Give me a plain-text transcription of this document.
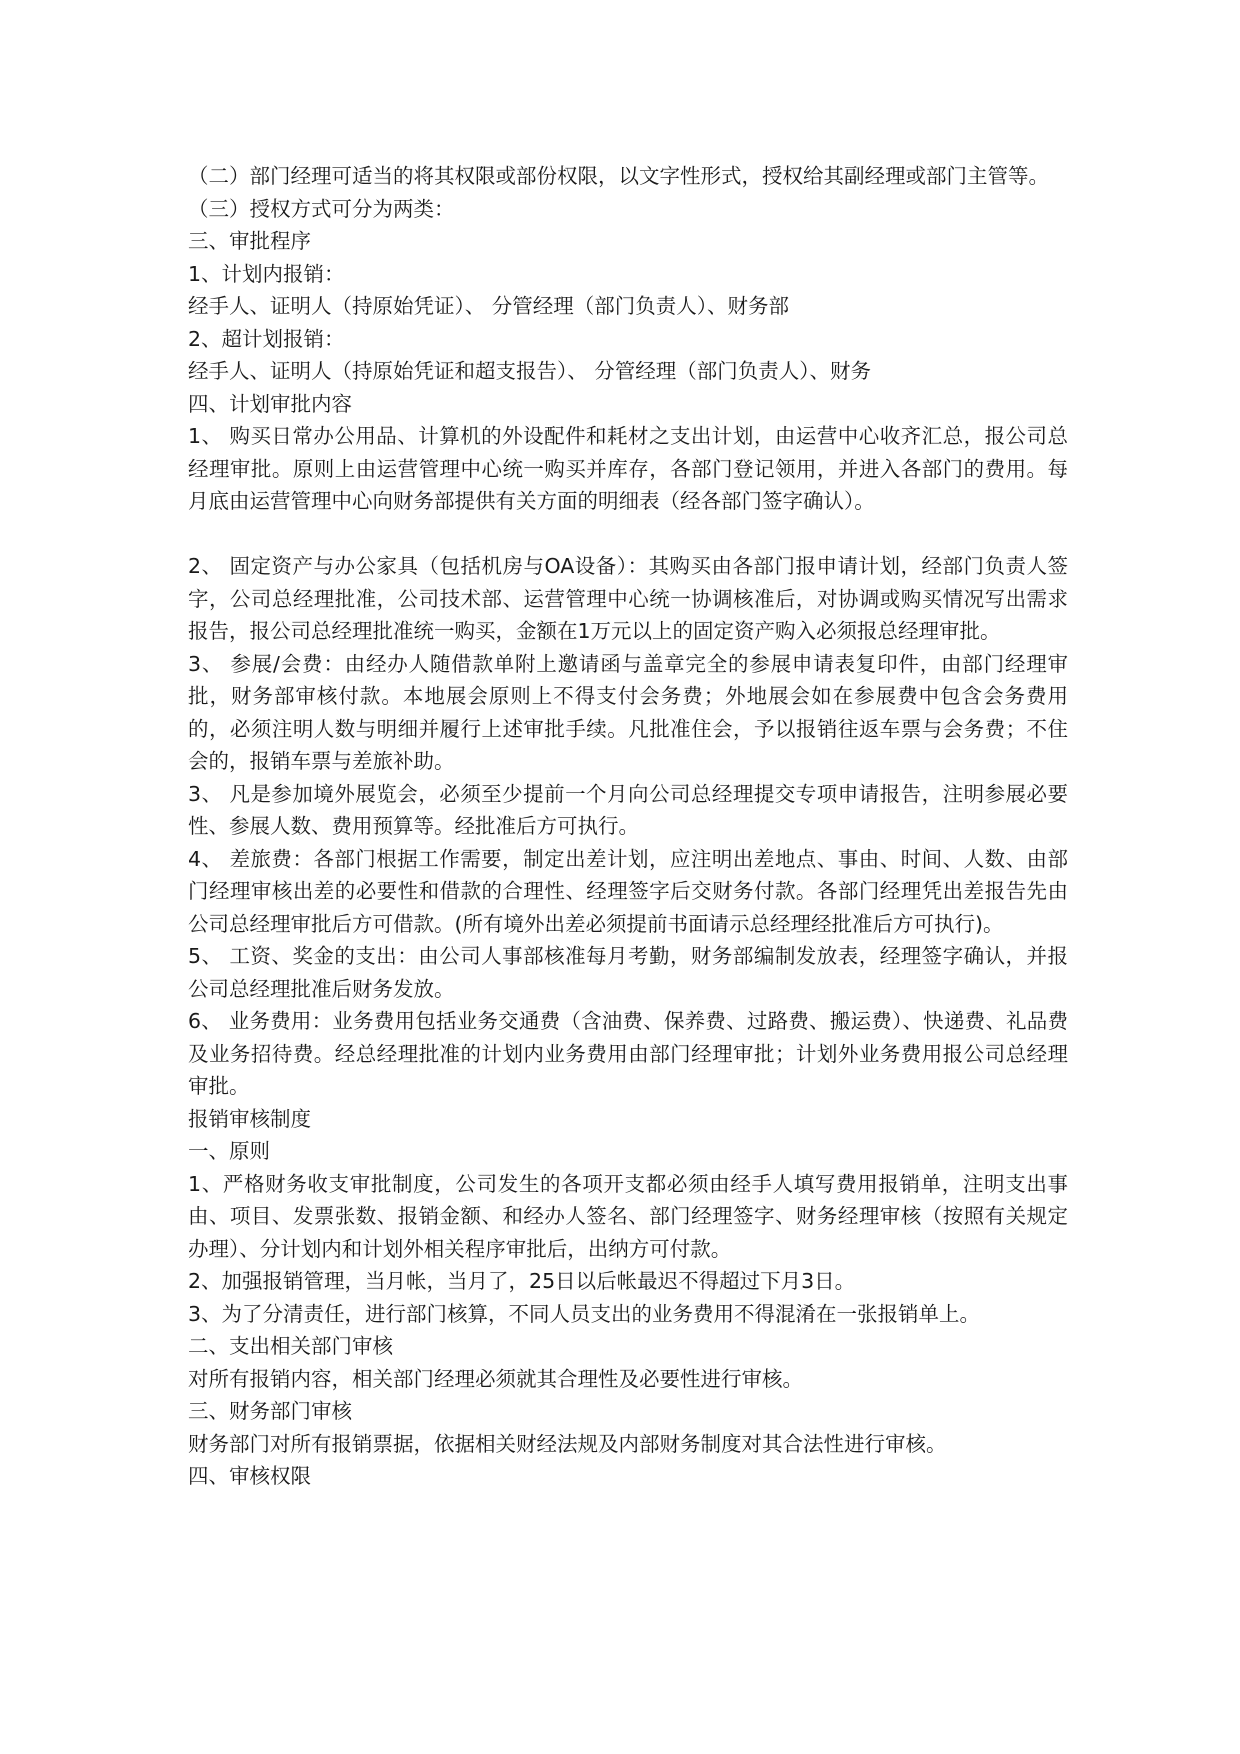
（二）部门经理可适当的将其权限或部份权限，以文字性形式，授权给其副经理或部门主管等。

（三）授权方式可分为两类：

三、审批程序

1、计划内报销：

经手人、证明人（持原始凭证）、 分管经理（部门负责人）、财务部

2、超计划报销：

经手人、证明人（持原始凭证和超支报告）、 分管经理（部门负责人）、财务

四、计划审批内容

1、 购买日常办公用品、计算机的外设配件和耗材之支出计划，由运营中心收齐汇总，报公司总经理审批。原则上由运营管理中心统一购买并库存，各部门登记领用，并进入各部门的费用。每月底由运营管理中心向财务部提供有关方面的明细表（经各部门签字确认）。

2、 固定资产与办公家具（包括机房与OA设备）：其购买由各部门报申请计划，经部门负责人签字，公司总经理批准，公司技术部、运营管理中心统一协调核准后，对协调或购买情况写出需求报告，报公司总经理批准统一购买，金额在1万元以上的固定资产购入必须报总经理审批。

3、 参展/会费：由经办人随借款单附上邀请函与盖章完全的参展申请表复印件，由部门经理审批，财务部审核付款。本地展会原则上不得支付会务费；外地展会如在参展费中包含会务费用的，必须注明人数与明细并履行上述审批手续。凡批准住会，予以报销往返车票与会务费；不住会的，报销车票与差旅补助。

3、 凡是参加境外展览会，必须至少提前一个月向公司总经理提交专项申请报告，注明参展必要性、参展人数、费用预算等。经批准后方可执行。

4、 差旅费：各部门根据工作需要，制定出差计划，应注明出差地点、事由、时间、人数、由部门经理审核出差的必要性和借款的合理性、经理签字后交财务付款。各部门经理凭出差报告先由公司总经理审批后方可借款。(所有境外出差必须提前书面请示总经理经批准后方可执行)。

5、 工资、奖金的支出：由公司人事部核准每月考勤，财务部编制发放表，经理签字确认，并报公司总经理批准后财务发放。

6、 业务费用：业务费用包括业务交通费（含油费、保养费、过路费、搬运费）、快递费、礼品费及业务招待费。经总经理批准的计划内业务费用由部门经理审批；计划外业务费用报公司总经理审批。

报销审核制度

一、原则

1、严格财务收支审批制度，公司发生的各项开支都必须由经手人填写费用报销单，注明支出事由、项目、发票张数、报销金额、和经办人签名、部门经理签字、财务经理审核（按照有关规定办理）、分计划内和计划外相关程序审批后，出纳方可付款。

2、加强报销管理，当月帐，当月了，25日以后帐最迟不得超过下月3日。

3、为了分清责任，进行部门核算，不同人员支出的业务费用不得混淆在一张报销单上。

二、支出相关部门审核

对所有报销内容，相关部门经理必须就其合理性及必要性进行审核。

三、财务部门审核

财务部门对所有报销票据，依据相关财经法规及内部财务制度对其合法性进行审核。

四、审核权限
